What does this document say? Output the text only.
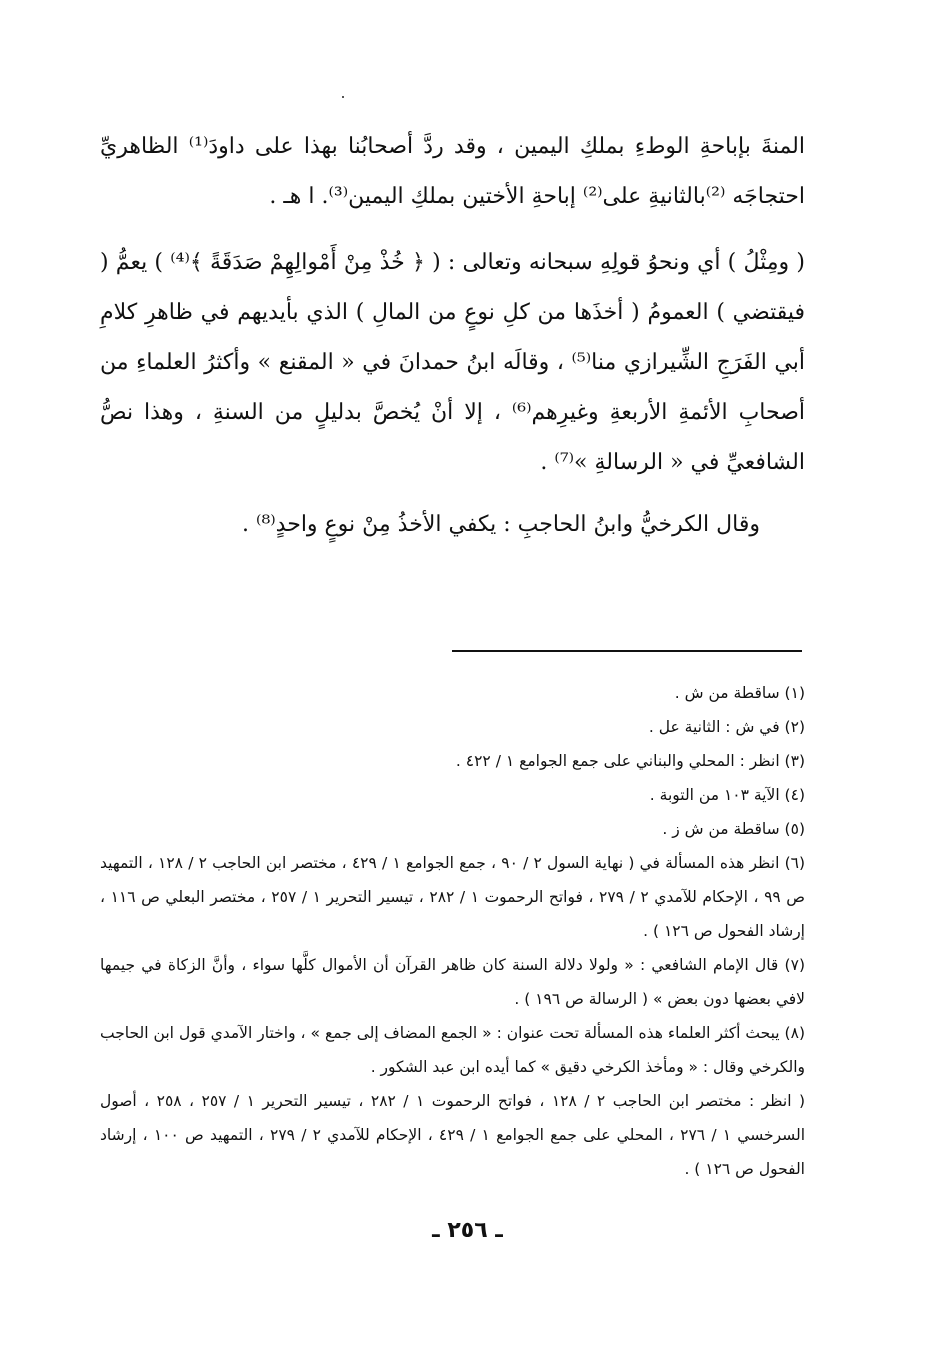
المنةَ بإباحةِ الوطءِ بملكِ اليمين ، وقد ردَّ أصحابُنا بهذا على داودَ⁽¹⁾ الظاهريِّ احتجاجَه ⁽²⁾بالثانيةِ على⁽²⁾ إباحةِ الأختين بملكِ اليمين⁽³⁾. ا هـ .

( ومِثْلُ ) أي ونحوُ قولِهِ سبحانه وتعالى : ( ﴿ خُذْ مِنْ أَمْوالِهِمْ صَدَقَةً ﴾⁽⁴⁾ ) يعمُّ ( فيقتضي ) العمومُ ( أخذَها من كلِ نوعٍ من المالِ ) الذي بأيديهم في ظاهرِ كلامِ أبي الفَرَجِ الشِّيرازي منا⁽⁵⁾ ، وقالَه ابنُ حمدانَ في « المقنع » وأكثرُ العلماءِ من أصحابِ الأئمةِ الأربعةِ وغيرِهم⁽⁶⁾ ، إلا أنْ يُخصَّ بدليلٍ من السنةِ ، وهذا نصُّ الشافعيِّ في « الرسالةِ »⁽⁷⁾ .

وقال الكرخيُّ وابنُ الحاجبِ : يكفي الأخذُ مِنْ نوعٍ واحدٍ⁽⁸⁾ .

(١) ساقطة من ش .

(٢) في ش : الثانية عل .

(٣) انظر : المحلي والبناني على جمع الجوامع ١ / ٤٢٢ .

(٤) الآية ١٠٣ من التوبة .

(٥) ساقطة من ش ز .

(٦) انظر هذه المسألة في ( نهاية السول ٢ / ٩٠ ، جمع الجوامع ١ / ٤٢٩ ، مختصر ابن الحاجب ٢ / ١٢٨ ، التمهيد ص ٩٩ ، الإحكام للآمدي ٢ / ٢٧٩ ، فواتح الرحموت ١ / ٢٨٢ ، تيسير التحرير ١ / ٢٥٧ ، مختصر البعلي ص ١١٦ ، إرشاد الفحول ص ١٢٦ ) .

(٧) قال الإمام الشافعي : « ولولا دلالة السنة كان ظاهر القرآن أن الأموال كلَّها سواء ، وأنَّ الزكاة في جيمها لافي بعضها دون بعض » ( الرسالة ص ١٩٦ ) .

(٨) يبحث أكثر العلماء هذه المسألة تحت عنوان : « الجمع المضاف إلى جمع » ، واختار الآمدي قول ابن الحاجب والكرخي وقال : « ومأخذ الكرخي دقيق » كما أيده ابن عبد الشكور .

( انظر : مختصر ابن الحاجب ٢ / ١٢٨ ، فواتح الرحموت ١ / ٢٨٢ ، تيسير التحرير ١ / ٢٥٧ ، ٢٥٨ ، أصول السرخسي ١ / ٢٧٦ ، المحلي على جمع الجوامع ١ / ٤٢٩ ، الإحكام للآمدي ٢ / ٢٧٩ ، التمهيد ص ١٠٠ ، إرشاد الفحول ص ١٢٦ ) .

ـ ٢٥٦ ـ
